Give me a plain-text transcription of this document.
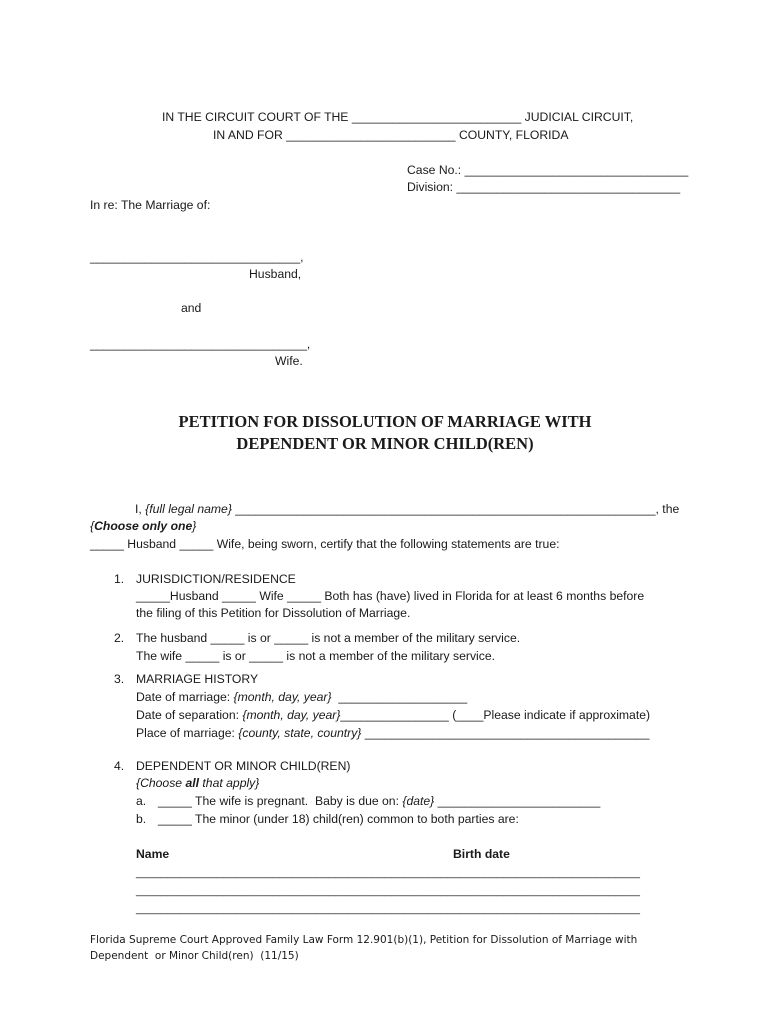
IN THE CIRCUIT COURT OF THE _________________________ JUDICIAL CIRCUIT,
IN AND FOR _________________________ COUNTY, FLORIDA
Case No.: _________________________________
Division: _________________________________
In re: The Marriage of:
_______________________________,
Husband,
and
________________________________,
Wife.
PETITION FOR DISSOLUTION OF MARRIAGE WITH
DEPENDENT OR MINOR CHILD(REN)
I, {full legal name} ______________________________________________________________, the
{Choose only one}
_____ Husband _____ Wife, being sworn, certify that the following statements are true:
1. JURISDICTION/RESIDENCE
_____Husband _____ Wife _____ Both has (have) lived in Florida for at least 6 months before
the filing of this Petition for Dissolution of Marriage.
2. The husband _____ is or _____ is not a member of the military service.
The wife _____ is or _____ is not a member of the military service.
3. MARRIAGE HISTORY
Date of marriage: {month, day, year}  ___________________
Date of separation: {month, day, year}________________ (____Please indicate if approximate)
Place of marriage: {county, state, country} __________________________________________
4. DEPENDENT OR MINOR CHILD(REN)
{Choose all that apply}
a. _____ The wife is pregnant.  Baby is due on: {date} ________________________
b. _____ The minor (under 18) child(ren) common to both parties are:
Name	Birth date
_________________________________________________________________________________
_________________________________________________________________________________
_________________________________________________________________________________
Florida Supreme Court Approved Family Law Form 12.901(b)(1), Petition for Dissolution of Marriage with
Dependent  or Minor Child(ren)  (11/15)
